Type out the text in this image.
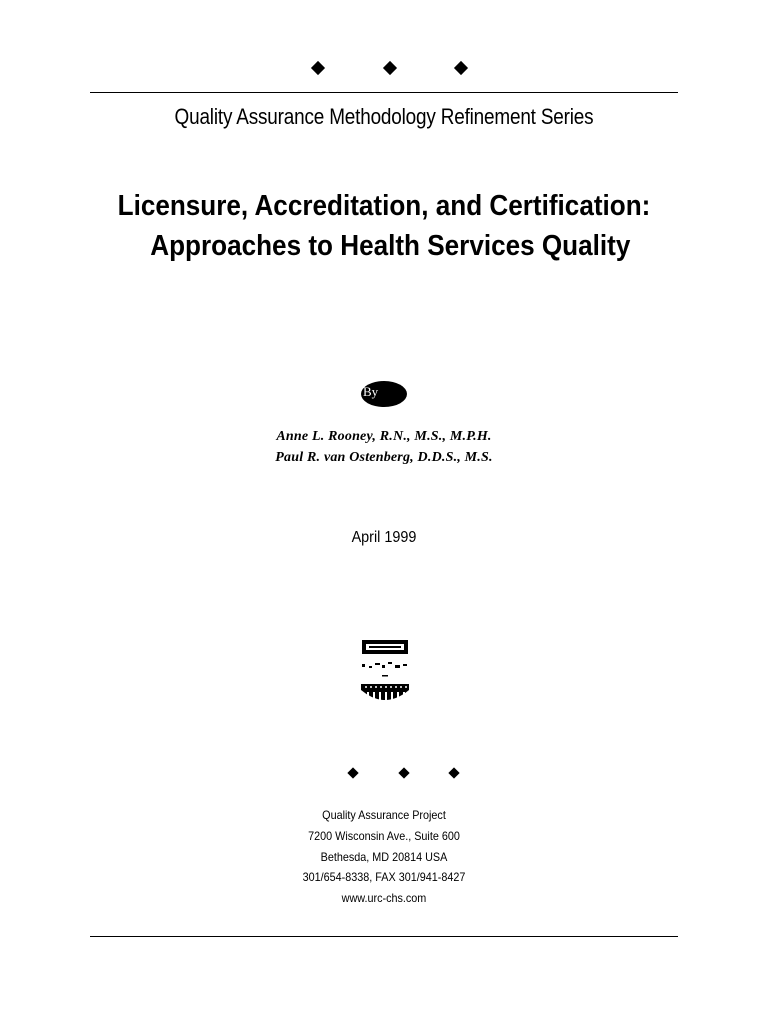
Quality Assurance Methodology Refinement Series
Licensure, Accreditation, and Certification:
Approaches to Health Services Quality
By
Anne L. Rooney, R.N., M.S., M.P.H.
Paul R. van Ostenberg, D.D.S., M.S.
April 1999
Quality Assurance Project
7200 Wisconsin Ave., Suite 600
Bethesda, MD 20814 USA
301/654-8338, FAX 301/941-8427
www.urc-chs.com
